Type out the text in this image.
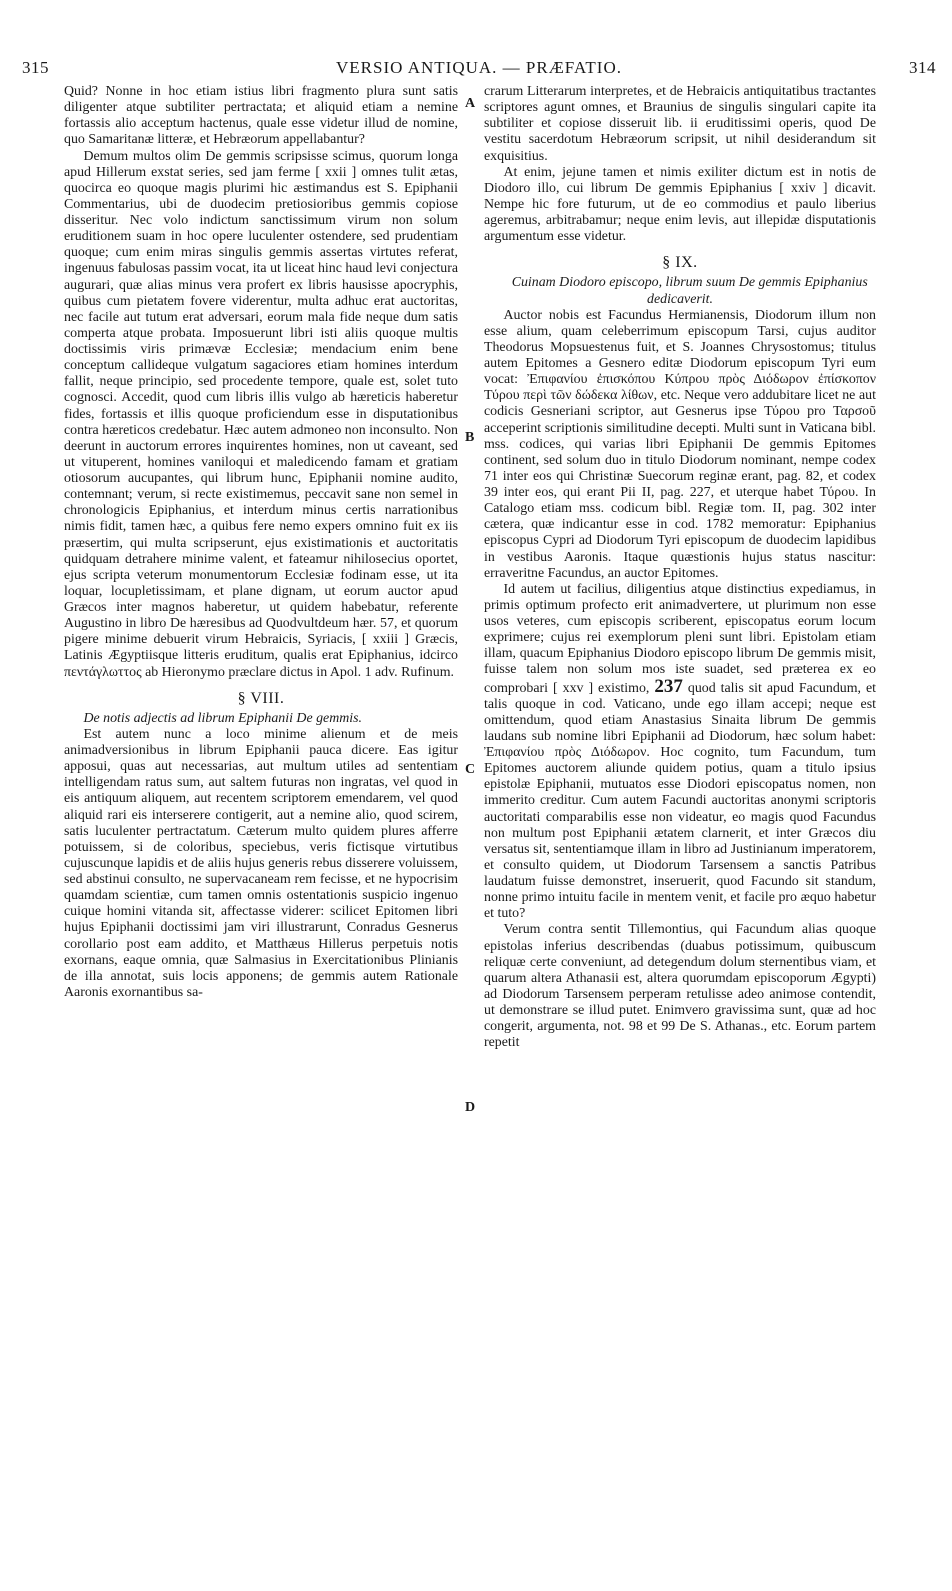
315	VERSIO ANTIQUA. — PRÆFATIO.	314
A
B
C
D

Quid? Nonne in hoc etiam istius libri fragmento plura sunt satis diligenter atque subtiliter pertractata; et aliquid etiam a nemine fortassis alio acceptum hactenus, quale esse videtur illud de nomine, quo Samaritanæ litteræ, et Hebræorum appellabantur?

Demum multos olim De gemmis scripsisse scimus, quorum longa apud Hillerum exstat series, sed jam ferme [ xxii ] omnes tulit ætas, quocirca eo quoque magis plurimi hic æstimandus est S. Epiphanii Commentarius, ubi de duodecim pretiosioribus gemmis copiose disseritur. Nec volo indictum sanctissimum virum non solum eruditionem suam in hoc opere luculenter ostendere, sed prudentiam quoque; cum enim miras singulis gemmis assertas virtutes referat, ingenuus fabulosas passim vocat, ita ut liceat hinc haud levi conjectura augurari, quæ alias minus vera profert ex libris hausisse apocryphis, quibus cum pietatem fovere viderentur, multa adhuc erat auctoritas, nec facile aut tutum erat adversari, eorum mala fide neque dum satis comperta atque probata. Imposuerunt libri isti aliis quoque multis doctissimis viris primævæ Ecclesiæ; mendacium enim bene conceptum callideque vulgatum sagaciores etiam homines interdum fallit, neque principio, sed procedente tempore, quale est, solet tuto cognosci. Accedit, quod cum libris illis vulgo ab hæreticis haberetur fides, fortassis et illis quoque proficiendum esse in disputationibus contra hæreticos credebatur. Hæc autem admoneo non inconsulto. Non deerunt in auctorum errores inquirentes homines, non ut caveant, sed ut vituperent, homines vaniloqui et maledicendo famam et gratiam otiosorum aucupantes, qui librum hunc, Epiphanii nomine audito, contemnant; verum, si recte existimemus, peccavit sane non semel in chronologicis Epiphanius, et interdum minus certis narrationibus nimis fidit, tamen hæc, a quibus fere nemo expers omnino fuit ex iis præsertim, qui multa scripserunt, ejus existimationis et auctoritatis quidquam detrahere minime valent, et fateamur nihilosecius oportet, ejus scripta veterum monumentorum Ecclesiæ fodinam esse, ut ita loquar, locupletissimam, et plane dignam, ut eorum auctor apud Græcos inter magnos haberetur, ut quidem habebatur, referente Augustino in libro De hæresibus ad Quodvultdeum hær. 57, et quorum pigere minime debuerit virum Hebraicis, Syriacis, [ xxiii ] Græcis, Latinis Ægyptiisque litteris eruditum, qualis erat Epiphanius, idcirco πεντάγλωττος ab Hieronymo præclare dictus in Apol. 1 adv. Rufinum.

§ VIII.

De notis adjectis ad librum Epiphanii De gemmis.

Est autem nunc a loco minime alienum et de meis animadversionibus in librum Epiphanii pauca dicere. Eas igitur apposui, quas aut necessarias, aut multum utiles ad sententiam intelligendam ratus sum, aut saltem futuras non ingratas, vel quod in eis antiquum aliquem, aut recentem scriptorem emendarem, vel quod aliquid rari eis interserere contigerit, aut a nemine alio, quod scirem, satis luculenter pertractatum. Cæterum multo quidem plures afferre potuissem, si de coloribus, speciebus, veris fictisque virtutibus cujuscunque lapidis et de aliis hujus generis rebus disserere voluissem, sed abstinui consulto, ne supervacaneam rem fecisse, et ne hypocrisim quamdam scientiæ, cum tamen omnis ostentationis suspicio ingenuo cuique homini vitanda sit, affectasse viderer: scilicet Epitomen libri hujus Epiphanii doctissimi jam viri illustrarunt, Conradus Gesnerus corollario post eam addito, et Matthæus Hillerus perpetuis notis exornans, eaque omnia, quæ Salmasius in Exercitationibus Plinianis de illa annotat, suis locis apponens; de gemmis autem Rationale Aaronis exornantibus sa-

crarum Litterarum interpretes, et de Hebraicis antiquitatibus tractantes scriptores agunt omnes, et Braunius de singulis singulari capite ita subtiliter et copiose disseruit lib. ii eruditissimi operis, quod De vestitu sacerdotum Hebræorum scripsit, ut nihil desiderandum sit exquisitius.

At enim, jejune tamen et nimis exiliter dictum est in notis de Diodoro illo, cui librum De gemmis Epiphanius [ xxiv ] dicavit. Nempe hic fore futurum, ut de eo commodius et paulo liberius ageremus, arbitrabamur; neque enim levis, aut illepidæ disputationis argumentum esse videtur.

§ IX.

Cuinam Diodoro episcopo, librum suum De gemmis Epiphanius dedicaverit.

Auctor nobis est Facundus Hermianensis, Diodorum illum non esse alium, quam celeberrimum episcopum Tarsi, cujus auditor Theodorus Mopsuestenus fuit, et S. Joannes Chrysostomus; titulus autem Epitomes a Gesnero editæ Diodorum episcopum Tyri eum vocat: Ἐπιφανίου ἐπισκόπου Κύπρου πρὸς Διόδωρον ἐπίσκοπον Τύρου περὶ τῶν δώδεκα λίθων, etc. Neque vero addubitare licet ne aut codicis Gesneriani scriptor, aut Gesnerus ipse Τύρου pro Ταρσοῦ acceperint scriptionis similitudine decepti. Multi sunt in Vaticana bibl. mss. codices, qui varias libri Epiphanii De gemmis Epitomes continent, sed solum duo in titulo Diodorum nominant, nempe codex 71 inter eos qui Christinæ Suecorum reginæ erant, pag. 82, et codex 39 inter eos, qui erant Pii II, pag. 227, et uterque habet Τύρου. In Catalogo etiam mss. codicum bibl. Regiæ tom. II, pag. 302 inter cætera, quæ indicantur esse in cod. 1782 memoratur: Epiphanius episcopus Cypri ad Diodorum Tyri episcopum de duodecim lapidibus in vestibus Aaronis. Itaque quæstionis hujus status nascitur: erraveritne Facundus, an auctor Epitomes.

Id autem ut facilius, diligentius atque distinctius expediamus, in primis optimum profecto erit animadvertere, ut plurimum non esse usos veteres, cum episcopis scriberent, episcopatus eorum locum exprimere; cujus rei exemplorum pleni sunt libri. Epistolam etiam illam, quacum Epiphanius Diodoro episcopo librum De gemmis misit, fuisse talem non solum mos iste suadet, sed præterea ex eo comprobari [ xxv ] existimo, 237 quod talis sit apud Facundum, et talis quoque in cod. Vaticano, unde ego illam accepi; neque est omittendum, quod etiam Anastasius Sinaita librum De gemmis laudans sub nomine libri Epiphanii ad Diodorum, hæc solum habet: Ἐπιφανίου πρὸς Διόδωρον. Hoc cognito, tum Facundum, tum Epitomes auctorem aliunde quidem potius, quam a titulo ipsius epistolæ Epiphanii, mutuatos esse Diodori episcopatus nomen, non immerito creditur. Cum autem Facundi auctoritas anonymi scriptoris auctoritati comparabilis esse non videatur, eo magis quod Facundus non multum post Epiphanii ætatem clarnerit, et inter Græcos diu versatus sit, sententiamque illam in libro ad Justinianum imperatorem, et consulto quidem, ut Diodorum Tarsensem a sanctis Patribus laudatum fuisse demonstret, inseruerit, quod Facundo sit standum, nonne primo intuitu facile in mentem venit, et facile pro æquo habetur et tuto?

Verum contra sentit Tillemontius, qui Facundum alias quoque epistolas inferius describendas (duabus potissimum, quibuscum reliquæ certe conveniunt, ad detegendum dolum sternentibus viam, et quarum altera Athanasii est, altera quorumdam episcoporum Ægypti) ad Diodorum Tarsensem perperam retulisse adeo animose contendit, ut demonstrare se illud putet. Enimvero gravissima sunt, quæ ad hoc congerit, argumenta, not. 98 et 99 De S. Athanas., etc. Eorum partem repetit
